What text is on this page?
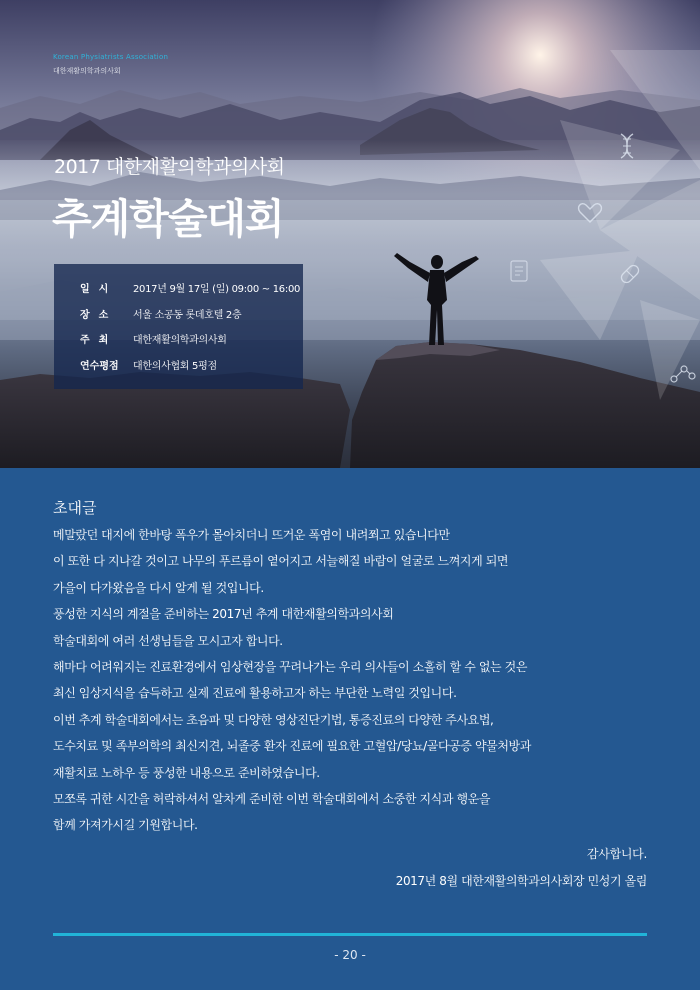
Korean Physiatrists Association
대한재활의학과의사회
2017 대한재활의학과의사회
추계학술대회
일시	2017년 9월 17일 (일) 09:00 ~ 16:00
장소	서울 소공동 롯데호텔 2층
주최	대한재활의학과의사회
연수평점	대한의사협회 5평점
초대글
메말랐던 대지에 한바탕 폭우가 몰아치더니 뜨거운 폭염이 내려쬐고 있습니다만
이 또한 다 지나갈 것이고 나무의 푸르름이 옅어지고 서늘해질 바람이 얼굴로 느껴지게 되면
가을이 다가왔음을 다시 알게 될 것입니다.
풍성한 지식의 계절을 준비하는 2017년 추계 대한재활의학과의사회
학술대회에 여러 선생님들을 모시고자 합니다.
해마다 어려워지는 진료환경에서 임상현장을 꾸려나가는 우리 의사들이 소홀히 할 수 없는 것은
최신 임상지식을 습득하고 실제 진료에 활용하고자 하는 부단한 노력일 것입니다.
이번 추계 학술대회에서는 초음파 및 다양한 영상진단기법, 통증진료의 다양한 주사요법,
도수치료 및 족부의학의 최신지견, 뇌졸중 환자 진료에 필요한 고혈압/당뇨/골다공증 약물처방과
재활치료 노하우 등 풍성한 내용으로 준비하였습니다.
모쪼록 귀한 시간을 허락하셔서 알차게 준비한 이번 학술대회에서 소중한 지식과 행운을
함께 가져가시길 기원합니다.
감사합니다.
2017년 8월 대한재활의학과의사회장 민성기 올림
- 20 -
